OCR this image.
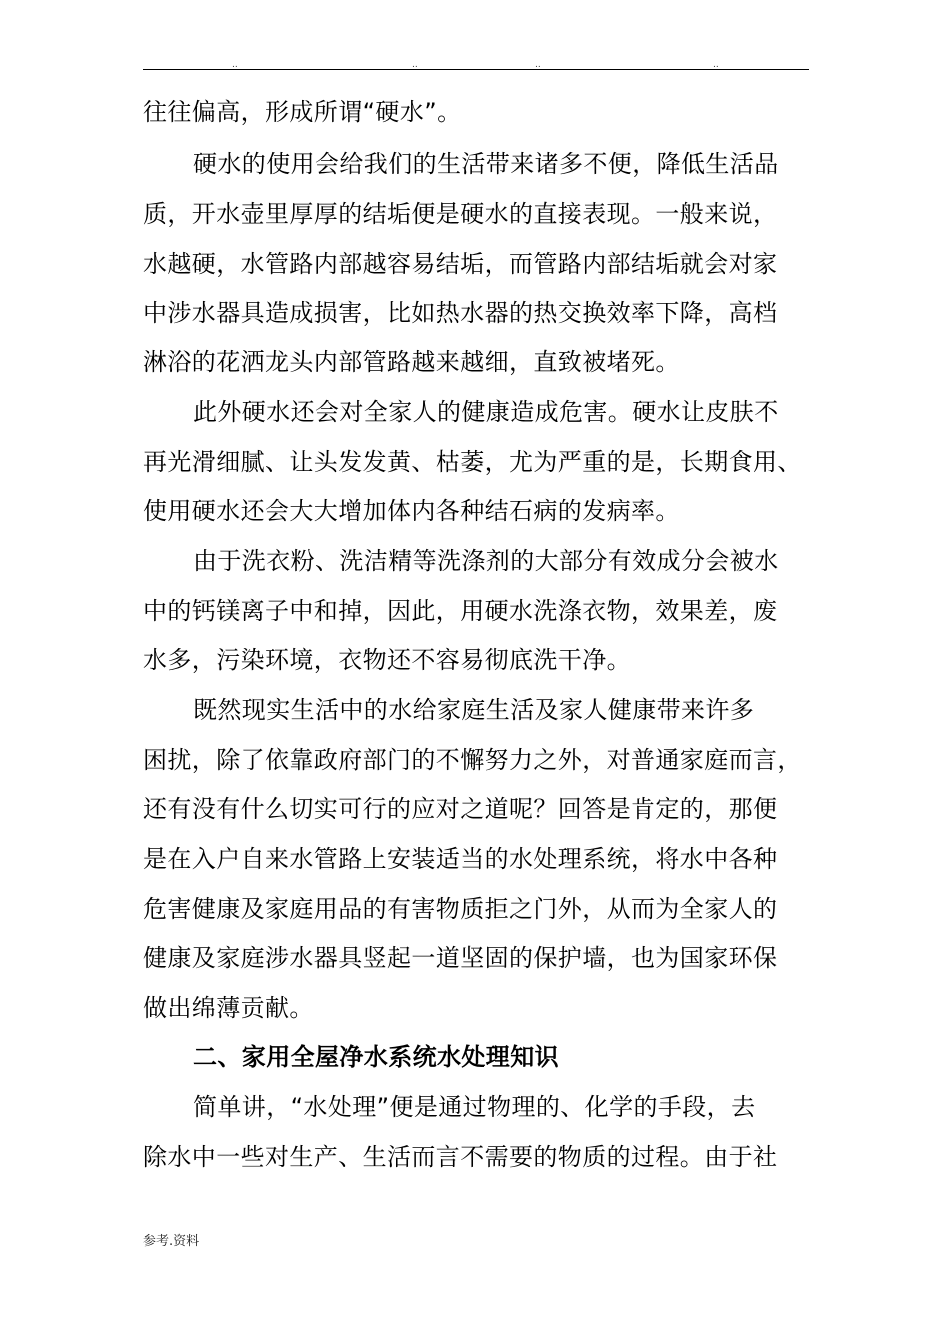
..	..	..	..
往往偏高，形成所谓“硬水”。
硬水的使用会给我们的生活带来诸多不便，降低生活品
质，开水壶里厚厚的结垢便是硬水的直接表现。一般来说，
水越硬，水管路内部越容易结垢，而管路内部结垢就会对家
中涉水器具造成损害，比如热水器的热交换效率下降，高档
淋浴的花洒龙头内部管路越来越细，直致被堵死。
此外硬水还会对全家人的健康造成危害。硬水让皮肤不
再光滑细腻、让头发发黄、枯萎，尤为严重的是，长期食用、
使用硬水还会大大增加体内各种结石病的发病率。
由于洗衣粉、洗洁精等洗涤剂的大部分有效成分会被水
中的钙镁离子中和掉，因此，用硬水洗涤衣物，效果差，废
水多，污染环境，衣物还不容易彻底洗干净。
既然现实生活中的水给家庭生活及家人健康带来许多
困扰，除了依靠政府部门的不懈努力之外，对普通家庭而言，
还有没有什么切实可行的应对之道呢？回答是肯定的，那便
是在入户自来水管路上安装适当的水处理系统，将水中各种
危害健康及家庭用品的有害物质拒之门外，从而为全家人的
健康及家庭涉水器具竖起一道坚固的保护墙，也为国家环保
做出绵薄贡献。
二、家用全屋净水系统水处理知识
简单讲，“水处理”便是通过物理的、化学的手段，去
除水中一些对生产、生活而言不需要的物质的过程。由于社
参考.资料
